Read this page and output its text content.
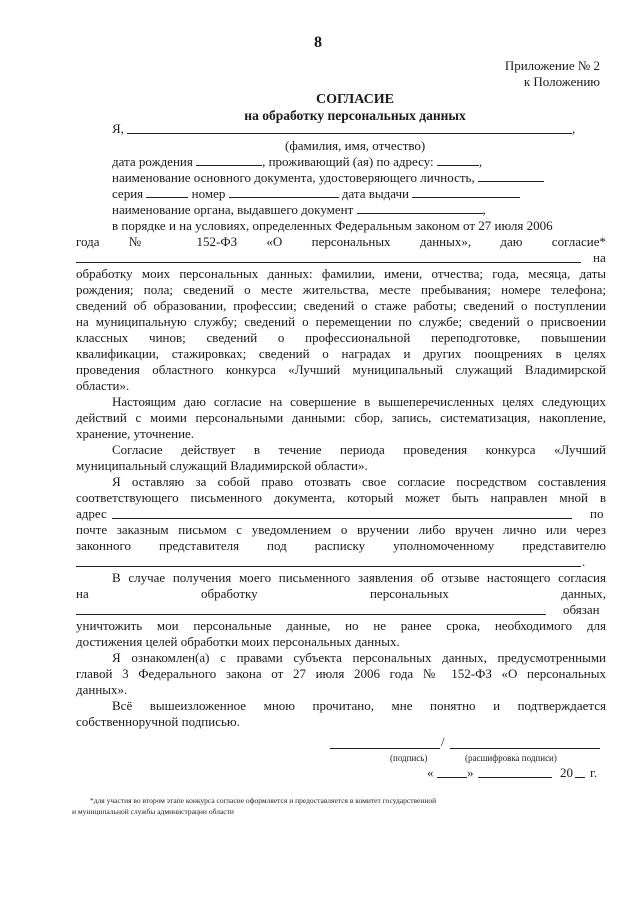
8
Приложение № 2
к Положению
СОГЛАСИЕ
на обработку персональных данных
Я,	,
(фамилия, имя, отчество)
дата рождения	, проживающий (ая) по адресу:	,
наименование основного документа, удостоверяющего личность,
серия	номер	дата выдачи
наименование органа, выдавшего документ	,
в порядке и на условиях, определенных Федеральным законом от 27 июля 2006
года № 152-ФЗ «О персональных данных», даю согласие*
на
обработку моих персональных данных: фамилии, имени, отчества; года, месяца, даты
рождения; пола; сведений о месте жительства, месте пребывания; номере телефона;
сведений об образовании, профессии; сведений о стаже работы; сведений о поступлении
на муниципальную службу; сведений о перемещении по службе; сведений о присвоении
классных чинов; сведений о профессиональной переподготовке, повышении
квалификации, стажировках; сведений о наградах и других поощрениях в целях
проведения областного конкурса «Лучший муниципальный служащий Владимирской
области».
Настоящим даю согласие на совершение в вышеперечисленных целях следующих
действий с моими персональными данными: сбор, запись, систематизация, накопление,
хранение, уточнение.
Согласие действует в течение периода проведения конкурса «Лучший
муниципальный служащий Владимирской области».
Я оставляю за собой право отозвать свое согласие посредством составления
соответствующего письменного документа, который может быть направлен мной в
адрес	по
почте заказным письмом с уведомлением о вручении либо вручен лично или через
законного представителя под расписку уполномоченному представителю
.
В случае получения моего письменного заявления об отзыве настоящего согласия
на обработку персональных данных,
обязан
уничтожить мои персональные данные, но не ранее срока, необходимого для
достижения целей обработки моих персональных данных.
Я ознакомлен(а) с правами субъекта персональных данных, предусмотренными
главой 3 Федерального закона от 27 июля 2006 года № 152-ФЗ «О персональных
данных».
Всё вышеизложенное мною прочитано, мне понятно и подтверждается
собственноручной подписью.
/
(подпись)	(расшифровка подписи)
«	»	20 г.
*для участия во втором этапе конкурса согласие оформляется и предоставляется в комитет государственной
и муниципальной службы администрации области
